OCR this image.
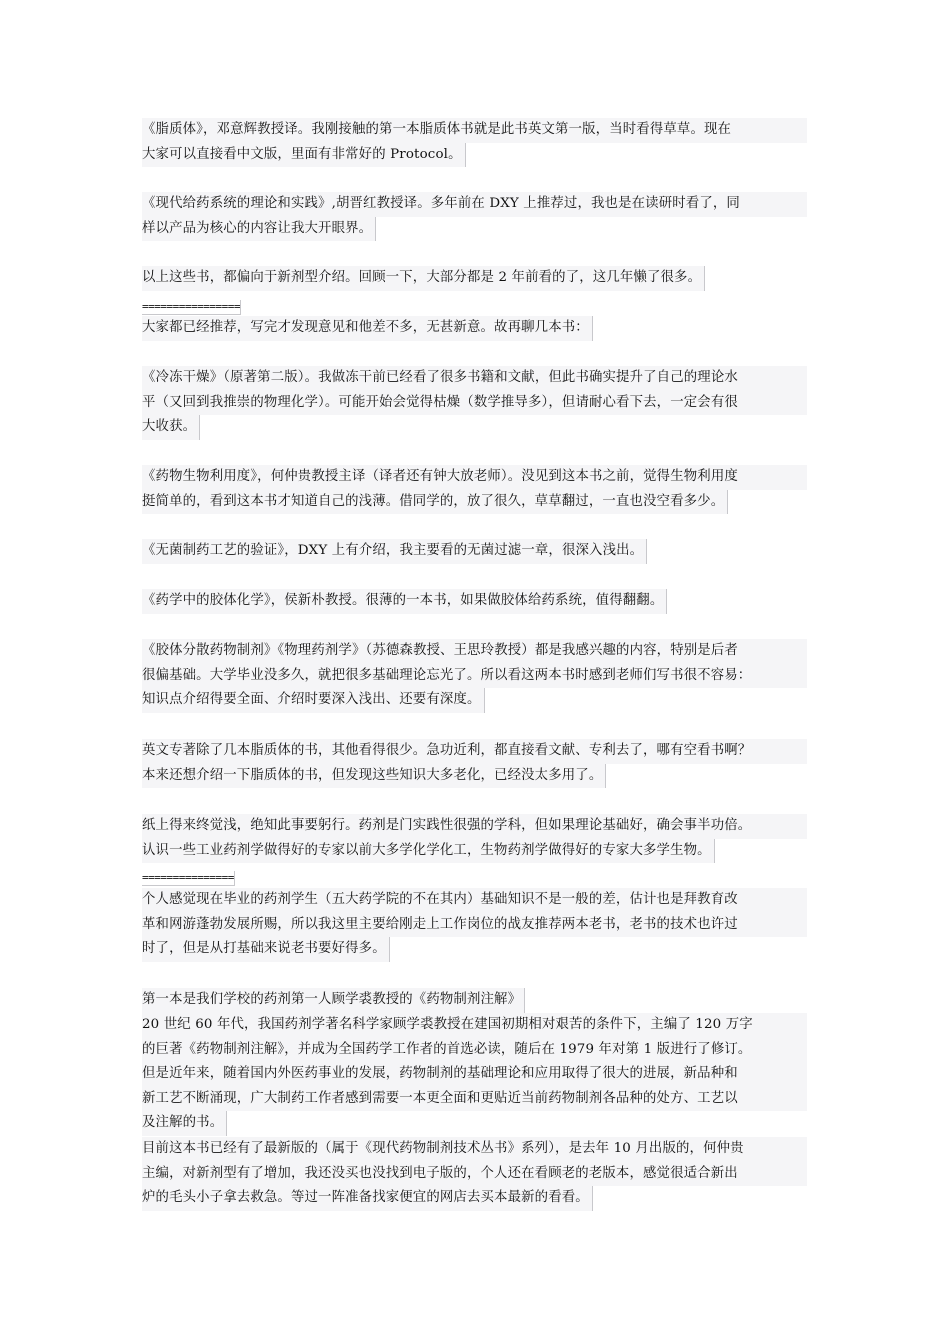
《脂质体》，邓意辉教授译。我刚接触的第一本脂质体书就是此书英文第一版，当时看得草草。现在
大家可以直接看中文版，里面有非常好的 Protocol。
《现代给药系统的理论和实践》,胡晋红教授译。多年前在 DXY 上推荐过，我也是在读研时看了，同
样以产品为核心的内容让我大开眼界。
以上这些书，都偏向于新剂型介绍。回顾一下，大部分都是 2 年前看的了，这几年懒了很多。
================
大家都已经推荐，写完才发现意见和他差不多，无甚新意。故再聊几本书：
《冷冻干燥》（原著第二版）。我做冻干前已经看了很多书籍和文献，但此书确实提升了自己的理论水
平（又回到我推崇的物理化学）。可能开始会觉得枯燥（数学推导多），但请耐心看下去，一定会有很
大收获。
《药物生物利用度》，何仲贵教授主译（译者还有钟大放老师）。没见到这本书之前，觉得生物利用度
挺简单的，看到这本书才知道自己的浅薄。借同学的，放了很久，草草翻过，一直也没空看多少。
《无菌制药工艺的验证》，DXY 上有介绍，我主要看的无菌过滤一章，很深入浅出。
《药学中的胶体化学》，侯新朴教授。很薄的一本书，如果做胶体给药系统，值得翻翻。
《胶体分散药物制剂》《物理药剂学》（苏德森教授、王思玲教授）都是我感兴趣的内容，特别是后者
很偏基础。大学毕业没多久，就把很多基础理论忘光了。所以看这两本书时感到老师们写书很不容易：
知识点介绍得要全面、介绍时要深入浅出、还要有深度。
英文专著除了几本脂质体的书，其他看得很少。急功近利，都直接看文献、专利去了，哪有空看书啊？
本来还想介绍一下脂质体的书，但发现这些知识大多老化，已经没太多用了。
纸上得来终觉浅，绝知此事要躬行。药剂是门实践性很强的学科，但如果理论基础好，确会事半功倍。
认识一些工业药剂学做得好的专家以前大多学化学化工，生物药剂学做得好的专家大多学生物。
===============
个人感觉现在毕业的药剂学生（五大药学院的不在其内）基础知识不是一般的差，估计也是拜教育改
革和网游蓬勃发展所赐，所以我这里主要给刚走上工作岗位的战友推荐两本老书，老书的技术也许过
时了，但是从打基础来说老书要好得多。
第一本是我们学校的药剂第一人顾学裘教授的《药物制剂注解》
20 世纪 60 年代，我国药剂学著名科学家顾学裘教授在建国初期相对艰苦的条件下，主编了 120 万字
的巨著《药物制剂注解》，并成为全国药学工作者的首选必读，随后在 1979 年对第 1 版进行了修订。
但是近年来，随着国内外医药事业的发展，药物制剂的基础理论和应用取得了很大的进展，新品种和
新工艺不断涌现，广大制药工作者感到需要一本更全面和更贴近当前药物制剂各品种的处方、工艺以
及注解的书。
目前这本书已经有了最新版的（属于《现代药物制剂技术丛书》系列），是去年 10 月出版的，何仲贵
主编，对新剂型有了增加，我还没买也没找到电子版的，个人还在看顾老的老版本，感觉很适合新出
炉的毛头小子拿去救急。等过一阵准备找家便宜的网店去买本最新的看看。
